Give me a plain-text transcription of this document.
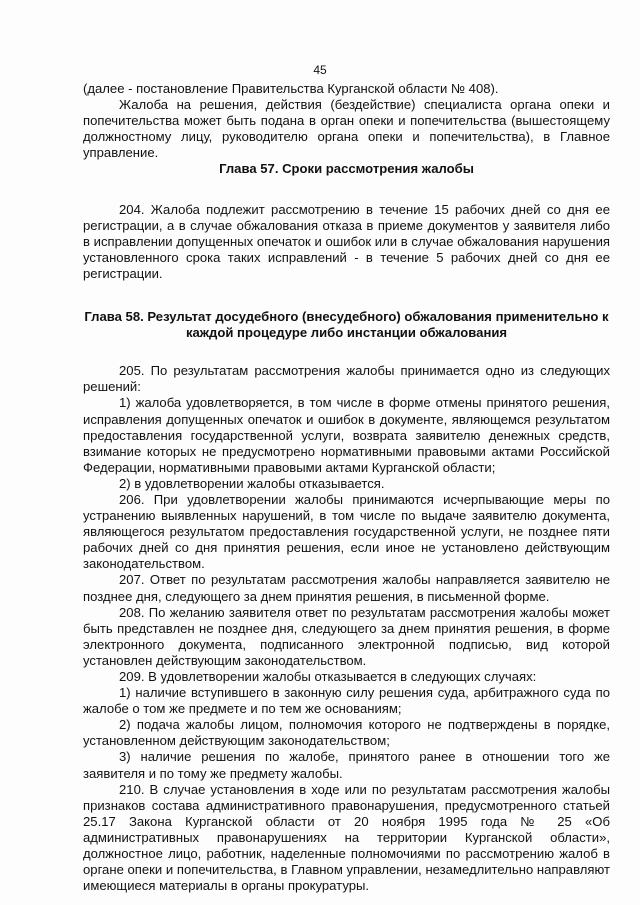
45

(далее - постановление Правительства Курганской области № 408).

Жалоба на решения, действия (бездействие) специалиста органа опеки и попечительства может быть подана в орган опеки и попечительства (вышестоящему должностному лицу, руководителю органа опеки и попечительства), в Главное управление.

Глава 57. Сроки рассмотрения жалобы

204. Жалоба подлежит рассмотрению в течение 15 рабочих дней со дня ее регистрации, а в случае обжалования отказа в приеме документов у заявителя либо в исправлении допущенных опечаток и ошибок или в случае обжалования нарушения установленного срока таких исправлений - в течение 5 рабочих дней со дня ее регистрации.

Глава 58. Результат досудебного (внесудебного) обжалования применительно к каждой процедуре либо инстанции обжалования

205. По результатам рассмотрения жалобы принимается одно из следующих решений:

1) жалоба удовлетворяется, в том числе в форме отмены принятого решения, исправления допущенных опечаток и ошибок в документе, являющемся результатом предоставления государственной услуги, возврата заявителю денежных средств, взимание которых не предусмотрено нормативными правовыми актами Российской Федерации, нормативными правовыми актами Курганской области;

2) в удовлетворении жалобы отказывается.

206. При удовлетворении жалобы принимаются исчерпывающие меры по устранению выявленных нарушений, в том числе по выдаче заявителю документа, являющегося результатом предоставления государственной услуги, не позднее пяти рабочих дней со дня принятия решения, если иное не установлено действующим законодательством.

207. Ответ по результатам рассмотрения жалобы направляется заявителю не позднее дня, следующего за днем принятия решения, в письменной форме.

208. По желанию заявителя ответ по результатам рассмотрения жалобы может быть представлен не позднее дня, следующего за днем принятия решения, в форме электронного документа, подписанного электронной подписью, вид которой установлен действующим законодательством.

209. В удовлетворении жалобы отказывается в следующих случаях:

1) наличие вступившего в законную силу решения суда, арбитражного суда по жалобе о том же предмете и по тем же основаниям;

2) подача жалобы лицом, полномочия которого не подтверждены в порядке, установленном действующим законодательством;

3) наличие решения по жалобе, принятого ранее в отношении того же заявителя и по тому же предмету жалобы.

210. В случае установления в ходе или по результатам рассмотрения жалобы признаков состава административного правонарушения, предусмотренного статьей 25.17 Закона Курганской области от 20 ноября 1995 года № 25 «Об административных правонарушениях на территории Курганской области», должностное лицо, работник, наделенные полномочиями по рассмотрению жалоб в органе опеки и попечительства, в Главном управлении, незамедлительно направляют имеющиеся материалы в органы прокуратуры.
